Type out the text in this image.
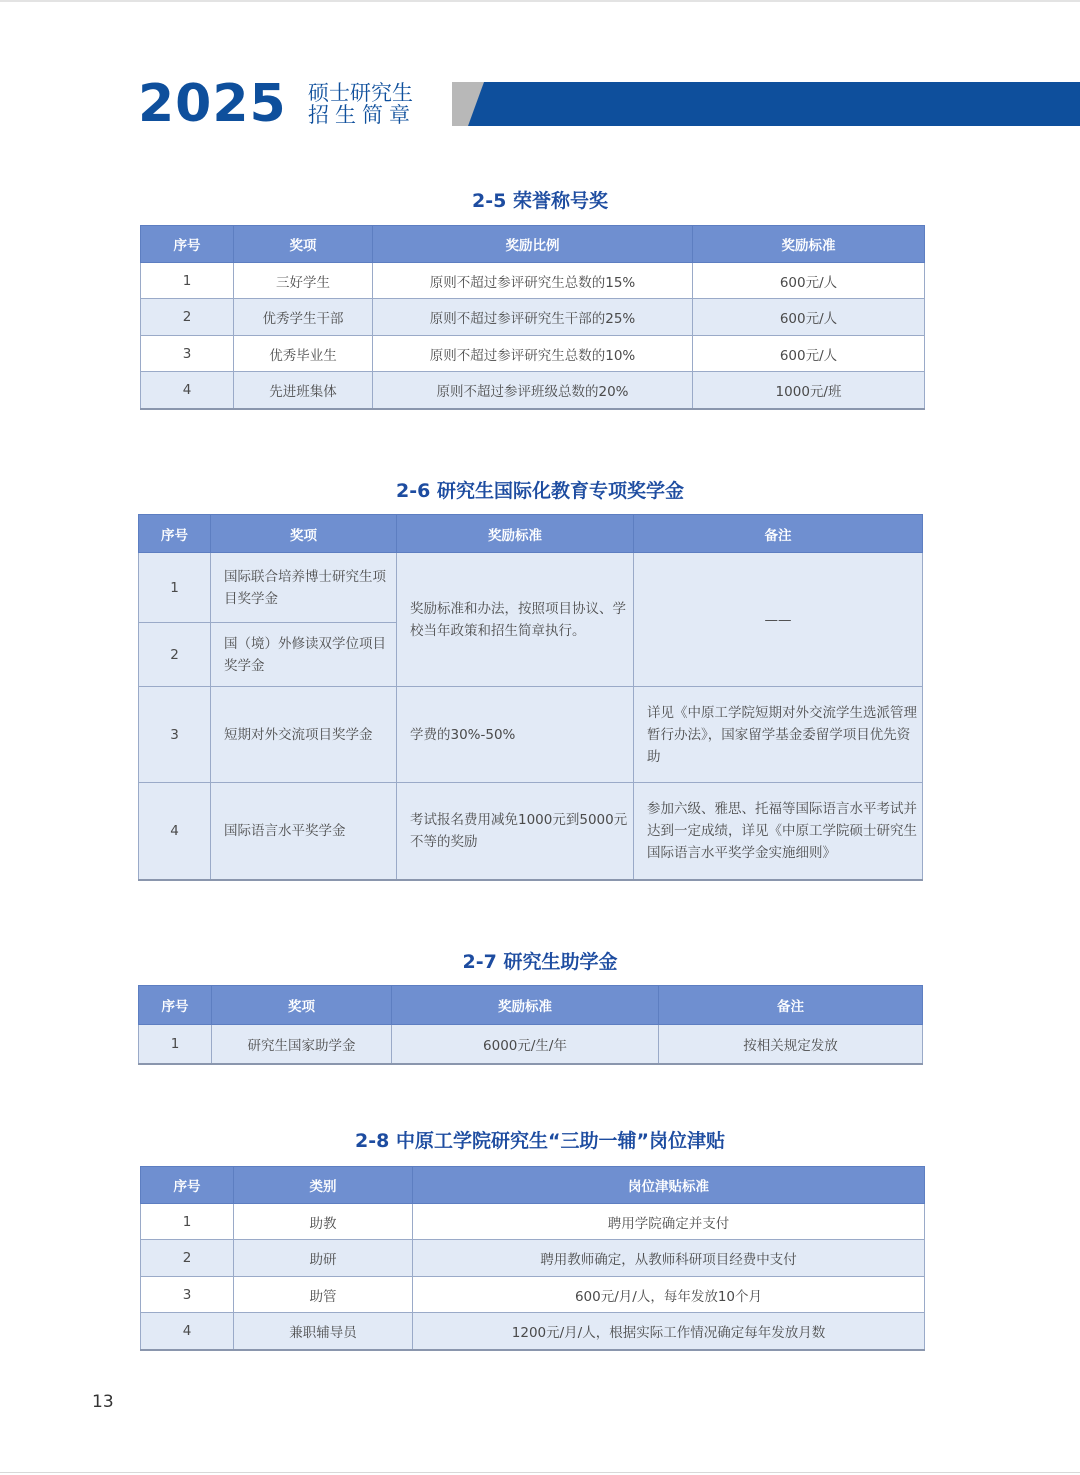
2025 硕士研究生
招生简章
2-5 荣誉称号奖
序号	奖项	奖励比例	奖励标准
1	三好学生	原则不超过参评研究生总数的15%	600元/人
2	优秀学生干部	原则不超过参评研究生干部的25%	600元/人
3	优秀毕业生	原则不超过参评研究生总数的10%	600元/人
4	先进班集体	原则不超过参评班级总数的20%	1000元/班
2-6 研究生国际化教育专项奖学金
序号	奖项	奖励标准	备注
1	国际联合培养博士研究生项目奖学金	奖励标准和办法，按照项目协议、学校当年政策和招生简章执行。	——
2	国（境）外修读双学位项目奖学金		
3	短期对外交流项目奖学金	学费的30%-50%	详见《中原工学院短期对外交流学生选派管理暂行办法》，国家留学基金委留学项目优先资助
4	国际语言水平奖学金	考试报名费用减免1000元到5000元不等的奖励	参加六级、雅思、托福等国际语言水平考试并达到一定成绩，详见《中原工学院硕士研究生国际语言水平奖学金实施细则》
2-7 研究生助学金
序号	奖项	奖励标准	备注
1	研究生国家助学金	6000元/生/年	按相关规定发放
2-8 中原工学院研究生“三助一辅”岗位津贴
序号	类别	岗位津贴标准
1	助教	聘用学院确定并支付
2	助研	聘用教师确定，从教师科研项目经费中支付
3	助管	600元/月/人，每年发放10个月
4	兼职辅导员	1200元/月/人，根据实际工作情况确定每年发放月数
13
